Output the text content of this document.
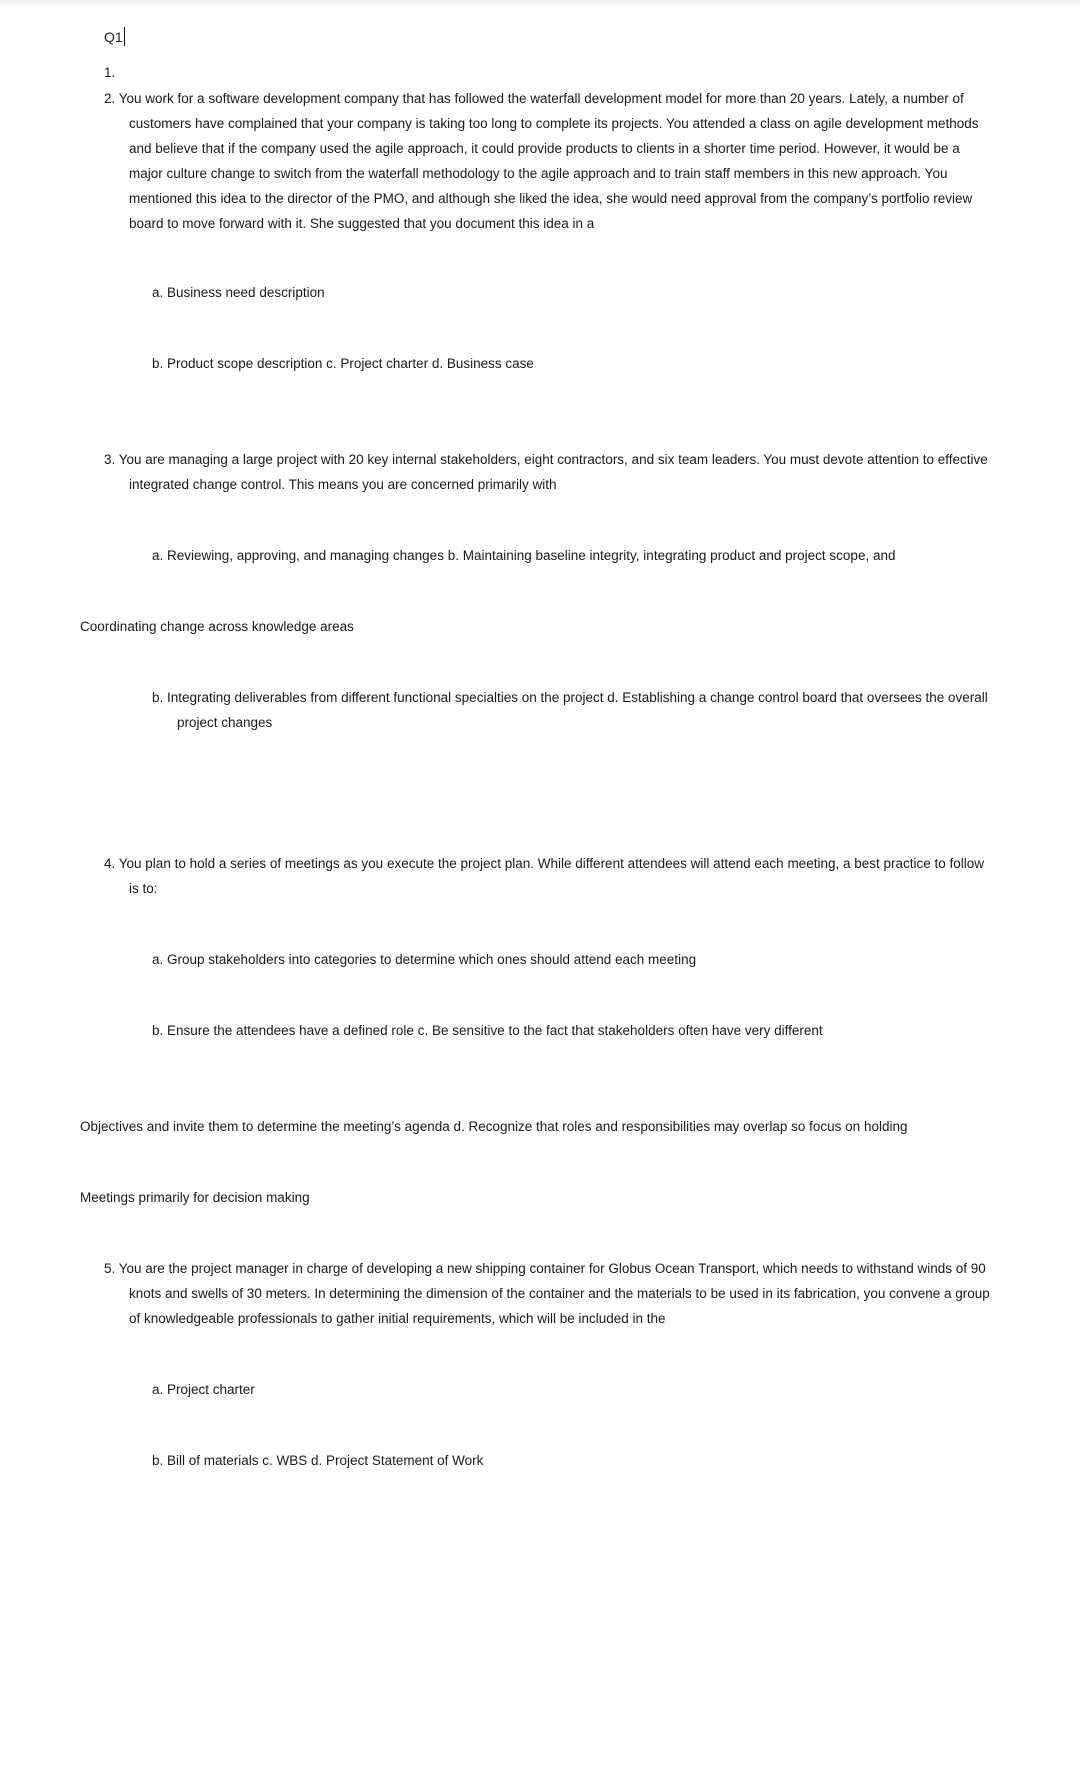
Q1
1.
2. You work for a software development company that has followed the waterfall development model for more than 20 years. Lately, a number of
customers have complained that your company is taking too long to complete its projects. You attended a class on agile development methods
and believe that if the company used the agile approach, it could provide products to clients in a shorter time period. However, it would be a
major culture change to switch from the waterfall methodology to the agile approach and to train staff members in this new approach. You
mentioned this idea to the director of the PMO, and although she liked the idea, she would need approval from the company’s portfolio review
board to move forward with it. She suggested that you document this idea in a
a. Business need description
b. Product scope description c. Project charter d. Business case
3. You are managing a large project with 20 key internal stakeholders, eight contractors, and six team leaders. You must devote attention to effective
integrated change control. This means you are concerned primarily with
a. Reviewing, approving, and managing changes b. Maintaining baseline integrity, integrating product and project scope, and
Coordinating change across knowledge areas
b. Integrating deliverables from different functional specialties on the project d. Establishing a change control board that oversees the overall
project changes
4. You plan to hold a series of meetings as you execute the project plan. While different attendees will attend each meeting, a best practice to follow
is to:
a. Group stakeholders into categories to determine which ones should attend each meeting
b. Ensure the attendees have a defined role c. Be sensitive to the fact that stakeholders often have very different
Objectives and invite them to determine the meeting’s agenda d. Recognize that roles and responsibilities may overlap so focus on holding
Meetings primarily for decision making
5. You are the project manager in charge of developing a new shipping container for Globus Ocean Transport, which needs to withstand winds of 90
knots and swells of 30 meters. In determining the dimension of the container and the materials to be used in its fabrication, you convene a group
of knowledgeable professionals to gather initial requirements, which will be included in the
a. Project charter
b. Bill of materials c. WBS d. Project Statement of Work
